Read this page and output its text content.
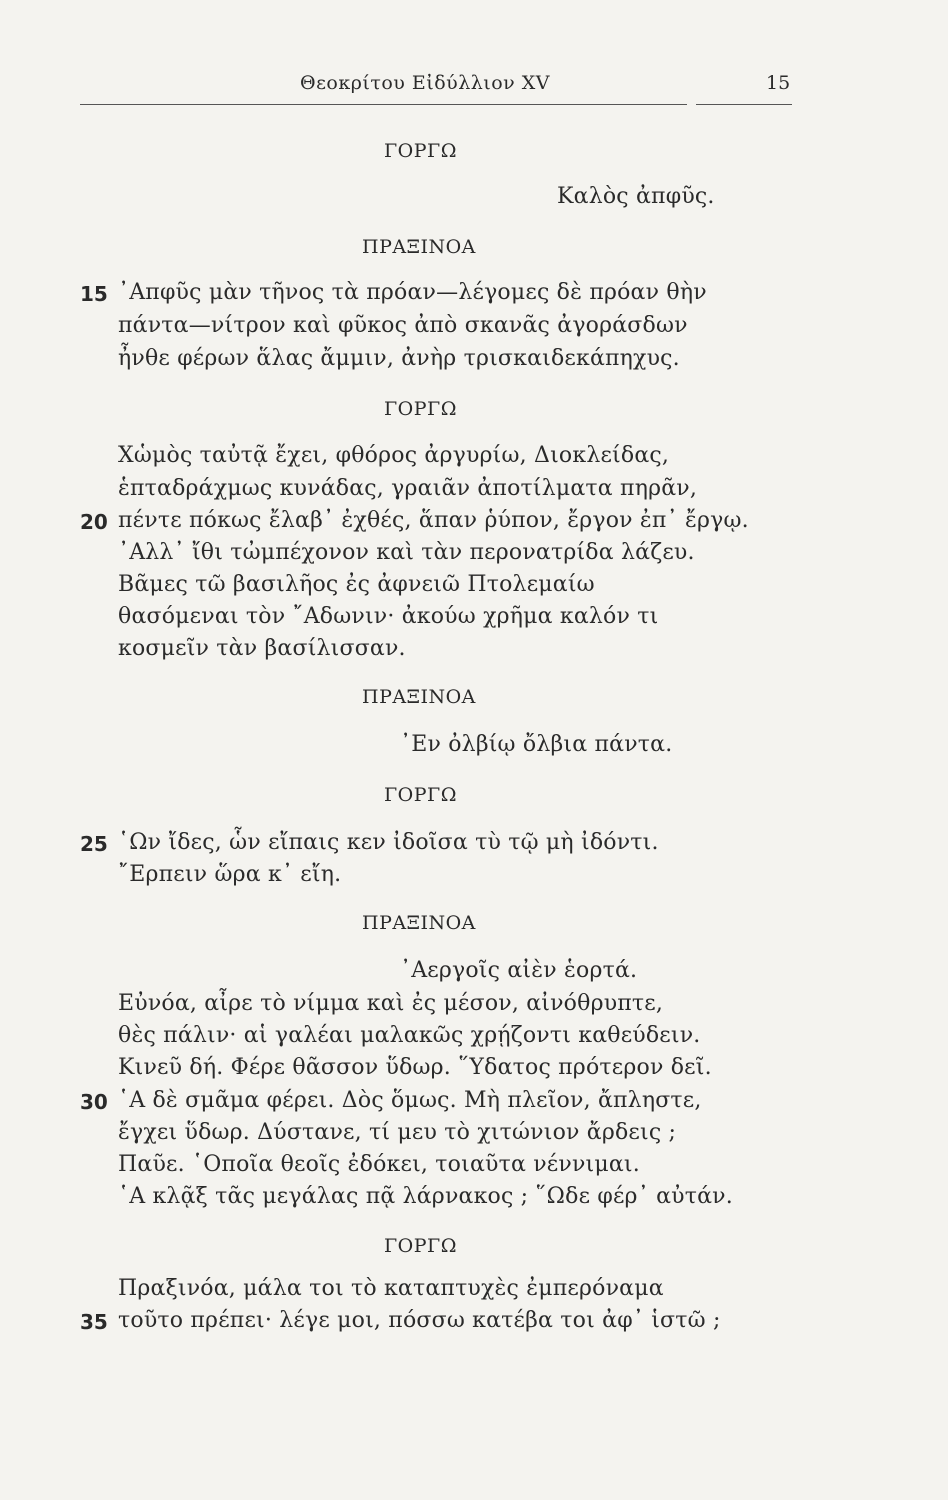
Θεοκρίτου Εἰδύλλιον XV	15
ΓΟΡΓΩ
Καλὸς ἀπφῦς.
ΠΡΑΞΙΝΟΑ
15 ᾿Απφῦς μὰν τῆνος τὰ πρόαν—λέγομες δὲ πρόαν θὴν
πάντα—νίτρον καὶ φῦκος ἀπὸ σκανᾶς ἀγοράσδων
ἦνθε φέρων ἅλας ἄμμιν, ἀνὴρ τρισκαιδεκάπηχυς.
ΓΟΡΓΩ
Χὡμὸς ταὐτᾷ ἔχει, φθόρος ἀργυρίω, Διοκλείδας,
ἑπταδράχμως κυνάδας, γραιᾶν ἀποτίλματα πηρᾶν,
20 πέντε πόκως ἔλαβ᾿ ἐχθές, ἅπαν ῥύπον, ἔργον ἐπ᾿ ἔργῳ.
᾿Αλλ᾿ ἴθι τὠμπέχονον καὶ τὰν περονατρίδα λάζευ.
Βᾶμες τῶ βασιλῆος ἐς ἀφνειῶ Πτολεμαίω
θασόμεναι τὸν ῎Αδωνιν· ἀκούω χρῆμα καλόν τι
κοσμεῖν τὰν βασίλισσαν.
ΠΡΑΞΙΝΟΑ
᾿Εν ὀλβίῳ ὄλβια πάντα.
ΓΟΡΓΩ
25 ῾Ων ἴδες, ὧν εἴπαις κεν ἰδοῖσα τὺ τῷ μὴ ἰδόντι.
῎Ερπειν ὥρα κ᾿ εἴη.
ΠΡΑΞΙΝΟΑ
᾿Αεργοῖς αἰὲν ἑορτά.
Εὐνόα, αἶρε τὸ νίμμα καὶ ἐς μέσον, αἰνόθρυπτε,
θὲς πάλιν· αἱ γαλέαι μαλακῶς χρῄζοντι καθεύδειν.
Κινεῦ δή. Φέρε θᾶσσον ὕδωρ. ῞Υδατος πρότερον δεῖ.
30 ῾Α δὲ σμᾶμα φέρει. Δὸς ὅμως. Μὴ πλεῖον, ἄπληστε,
ἔγχει ὕδωρ. Δύστανε, τί μευ τὸ χιτώνιον ἄρδεις ;
Παῦε. ῾Οποῖα θεοῖς ἐδόκει, τοιαῦτα νέννιμαι.
῾Α κλᾷξ τᾶς μεγάλας πᾷ λάρνακος ; ῞Ωδε φέρ᾿ αὐτάν.
ΓΟΡΓΩ
Πραξινόα, μάλα τοι τὸ καταπτυχὲς ἐμπερόναμα
35 τοῦτο πρέπει· λέγε μοι, πόσσω κατέβα τοι ἀφ᾿ ἱστῶ ;
